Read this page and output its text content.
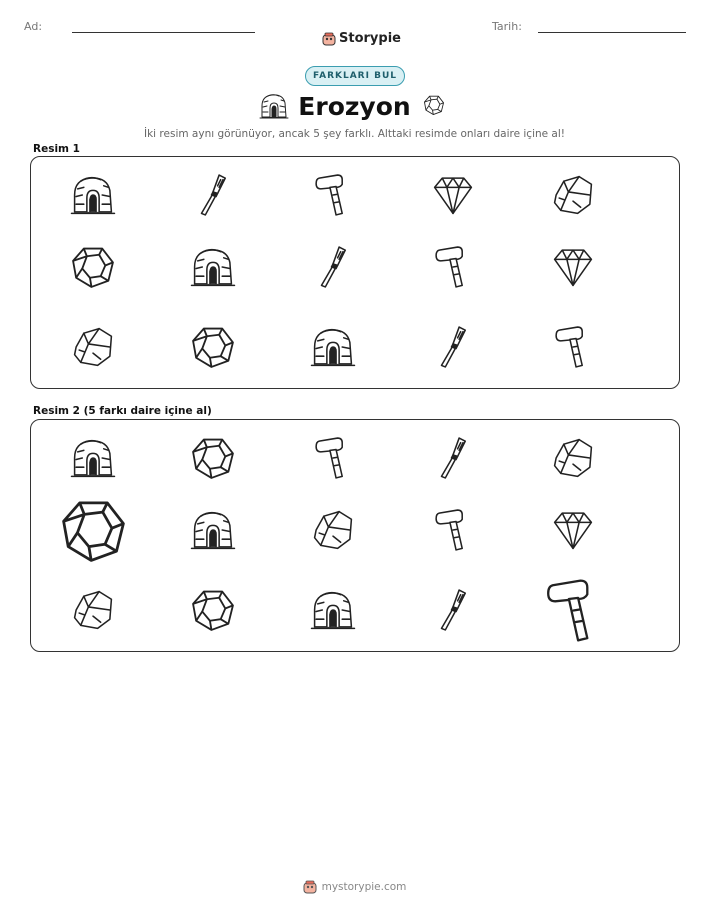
Ad:
Storypie
Tarih:
FARKLARI BUL
Erozyon
İki resim aynı görünüyor, ancak 5 şey farklı. Alttaki resimde onları daire içine al!
Resim 1
Resim 2 (5 farkı daire içine al)
mystorypie.com
